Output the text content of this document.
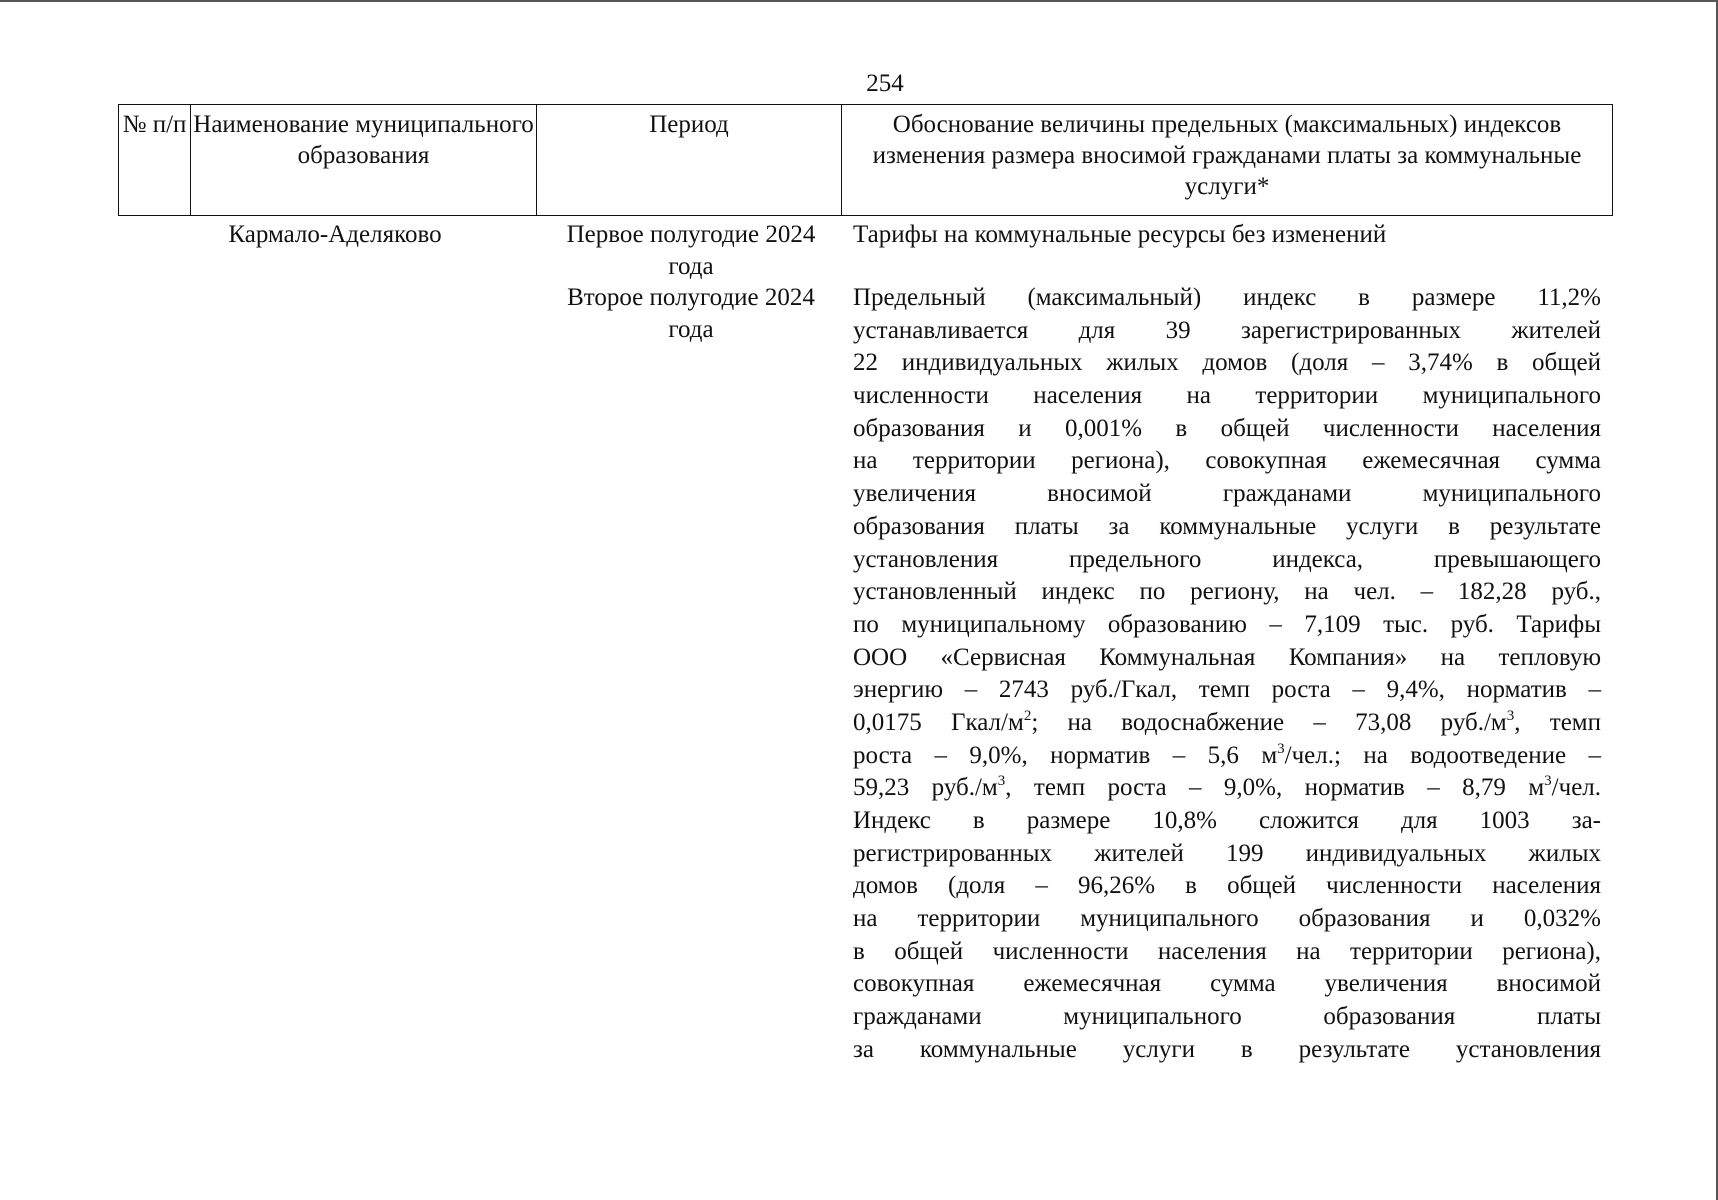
254
№ п/п Наименование муниципального образования
Период	Обоснование величины предельных (максимальных) индексов изменения размера вносимой гражданами платы за коммунальные услуги*
Кармало-Аделяково	Первое полугодие 2024 года
Второе полугодие 2024 года
Тарифы на коммунальные ресурсы без изменений
Предельный (максимальный) индекс в размере 11,2%
устанавливается для 39 зарегистрированных жителей
22 индивидуальных жилых домов (доля – 3,74% в общей
численности населения на территории муниципального
образования и 0,001% в общей численности населения
на территории региона), совокупная ежемесячная сумма
увеличения вносимой гражданами муниципального
образования платы за коммунальные услуги в результате
установления предельного индекса, превышающего
установленный индекс по региону, на чел. – 182,28 руб.,
по муниципальному образованию – 7,109 тыс. руб. Тарифы
ООО «Сервисная Коммунальная Компания» на тепловую
энергию – 2743 руб./Гкал, темп роста – 9,4%, норматив –
0,0175 Гкал/$м^2$; на водоснабжение – 73,08 $руб./м^3$, темп
роста – 9,0%, норматив – 5,6 $м^3$/чел.; на водоотведение –
59,23 $руб./м^3$, темп роста – 9,0%, норматив – 8,79 $м^3$/чел.
Индекс в размере 10,8% сложится для 1003 за-
регистрированных жителей 199 индивидуальных жилых
домов (доля – 96,26% в общей численности населения
на территории муниципального образования и 0,032%
в общей численности населения на территории региона),
совокупная ежемесячная сумма увеличения вносимой
гражданами муниципального образования платы
за коммунальные услуги в результате установления
